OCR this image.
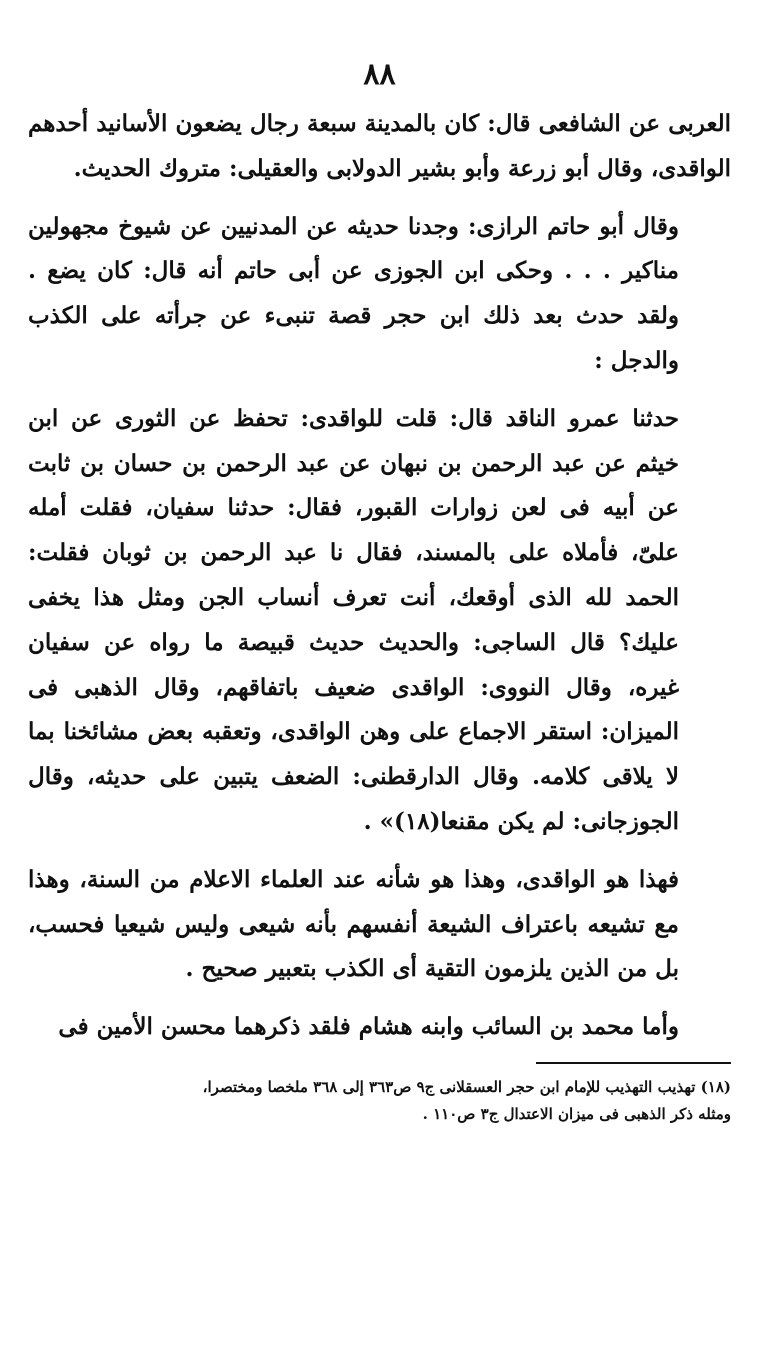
٨٨

العربى عن الشافعى قال: كان بالمدينة سبعة رجال يضعون الأسانيد أحدهم الواقدى، وقال أبو زرعة وأبو بشير الدولابى والعقيلى: متروك الحديث.

وقال أبو حاتم الرازى: وجدنا حديثه عن المدنيين عن شيوخ مجهولين مناكير . . . وحكى ابن الجوزى عن أبى حاتم أنه قال: كان يضع . ولقد حدث بعد ذلك ابن حجر قصة تنبىء عن جرأته على الكذب والدجل :

حدثنا عمرو الناقد قال: قلت للواقدى: تحفظ عن الثورى عن ابن خيثم عن عبد الرحمن بن نبهان عن عبد الرحمن بن حسان بن ثابت عن أبيه فى لعن زوارات القبور، فقال: حدثنا سفيان، فقلت أمله علىّ، فأملاه على بالمسند، فقال نا عبد الرحمن بن ثوبان فقلت: الحمد لله الذى أوقعك، أنت تعرف أنساب الجن ومثل هذا يخفى عليك؟ قال الساجى: والحديث حديث قبيصة ما رواه عن سفيان غيره، وقال النووى: الواقدى ضعيف باتفاقهم، وقال الذهبى فى الميزان: استقر الاجماع على وهن الواقدى، وتعقبه بعض مشائخنا بما لا يلاقى كلامه. وقال الدارقطنى: الضعف يتبين على حديثه، وقال الجوزجانى: لم يكن مقنعا(١٨)» .

فهذا هو الواقدى، وهذا هو شأنه عند العلماء الاعلام من السنة، وهذا مع تشيعه باعتراف الشيعة أنفسهم بأنه شيعى وليس شيعيا فحسب، بل من الذين يلزمون التقية أى الكذب بتعبير صحيح .

وأما محمد بن السائب وابنه هشام فلقد ذكرهما محسن الأمين فى

(١٨) تهذيب التهذيب للإمام ابن حجر العسقلانى ج٩ ص٣٦٣ إلى ٣٦٨ ملخصا ومختصرا،

ومثله ذكر الذهبى فى ميزان الاعتدال ج٣ ص١١٠ .
